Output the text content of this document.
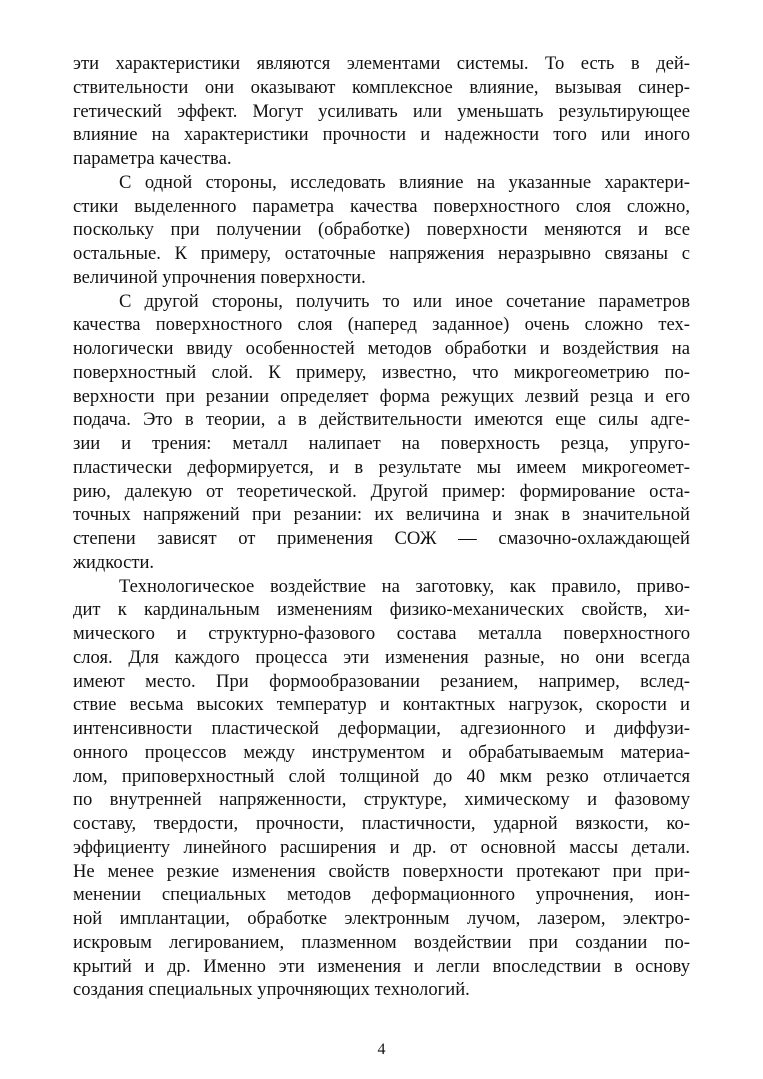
эти характеристики являются элементами системы. То есть в дей-
ствительности они оказывают комплексное влияние, вызывая синер-
гетический эффект. Могут усиливать или уменьшать результирующее
влияние на характеристики прочности и надежности того или иного
параметра качества.

С одной стороны, исследовать влияние на указанные характери-
стики выделенного параметра качества поверхностного слоя сложно,
поскольку при получении (обработке) поверхности меняются и все
остальные. К примеру, остаточные напряжения неразрывно связаны с
величиной упрочнения поверхности.

С другой стороны, получить то или иное сочетание параметров
качества поверхностного слоя (наперед заданное) очень сложно тех-
нологически ввиду особенностей методов обработки и воздействия на
поверхностный слой. К примеру, известно, что микрогеометрию по-
верхности при резании определяет форма режущих лезвий резца и его
подача. Это в теории, а в действительности имеются еще силы адге-
зии и трения: металл налипает на поверхность резца, упруго-
пластически деформируется, и в результате мы имеем микрогеомет-
рию, далекую от теоретической. Другой пример: формирование оста-
точных напряжений при резании: их величина и знак в значительной
степени зависят от применения СОЖ — смазочно-охлаждающей
жидкости.

Технологическое воздействие на заготовку, как правило, приво-
дит к кардинальным изменениям физико-механических свойств, хи-
мического и структурно-фазового состава металла поверхностного
слоя. Для каждого процесса эти изменения разные, но они всегда
имеют место. При формообразовании резанием, например, вслед-
ствие весьма высоких температур и контактных нагрузок, скорости и
интенсивности пластической деформации, адгезионного и диффузи-
онного процессов между инструментом и обрабатываемым материа-
лом, приповерхностный слой толщиной до 40 мкм резко отличается
по внутренней напряженности, структуре, химическому и фазовому
составу, твердости, прочности, пластичности, ударной вязкости, ко-
эффициенту линейного расширения и др. от основной массы детали.
Не менее резкие изменения свойств поверхности протекают при при-
менении специальных методов деформационного упрочнения, ион-
ной имплантации, обработке электронным лучом, лазером, электро-
искровым легированием, плазменном воздействии при создании по-
крытий и др. Именно эти изменения и легли впоследствии в основу
создания специальных упрочняющих технологий.

4
